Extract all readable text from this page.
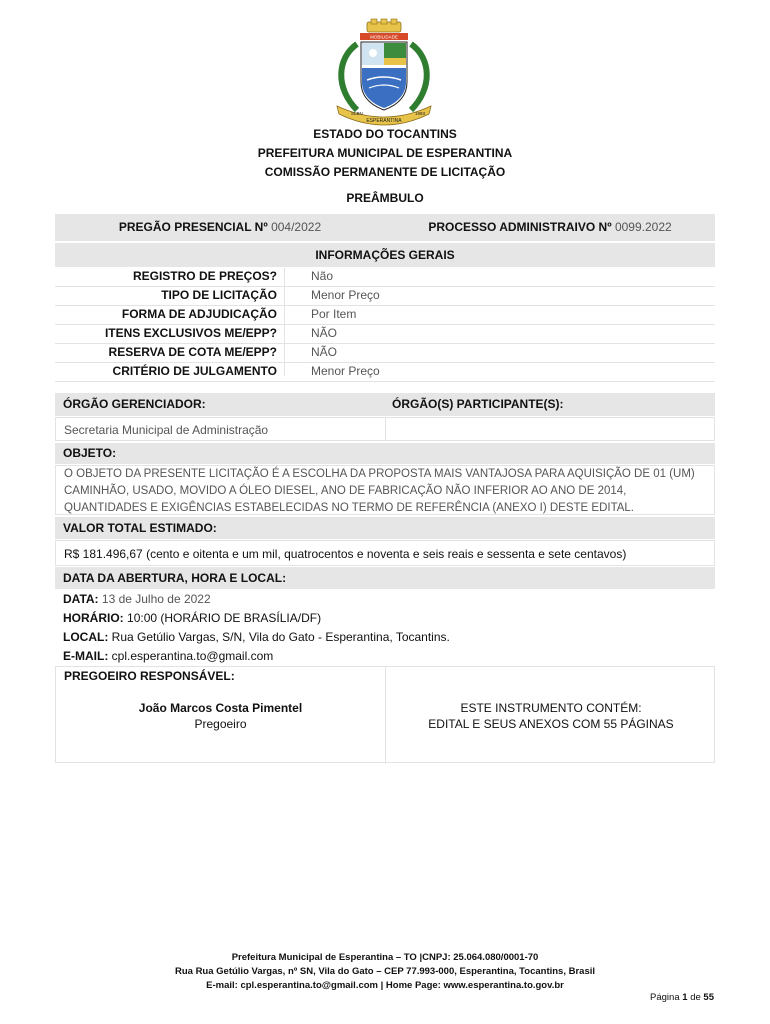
MOBILIDADE
SLBN
ESPERANTINA
1993
ESTADO DO TOCANTINS
PREFEITURA MUNICIPAL DE ESPERANTINA
COMISSÃO PERMANENTE DE LICITAÇÃO
PREÂMBULO
PREGÃO PRESENCIAL Nº 004/2022	PROCESSO ADMINISTRAIVO Nº 0099.2022
INFORMAÇÕES GERAIS
REGISTRO DE PREÇOS?	Não
TIPO DE LICITAÇÃO	Menor Preço
FORMA DE ADJUDICAÇÃO	Por Item
ITENS EXCLUSIVOS ME/EPP?	NÃO
RESERVA DE COTA ME/EPP?	NÃO
CRITÉRIO DE JULGAMENTO	Menor Preço
ÓRGÃO GERENCIADOR:	ÓRGÃO(S) PARTICIPANTE(S):
Secretaria Municipal de Administração
OBJETO:
O OBJETO DA PRESENTE LICITAÇÃO É A ESCOLHA DA PROPOSTA MAIS VANTAJOSA PARA AQUISIÇÃO DE 01 (UM) CAMINHÃO, USADO, MOVIDO A ÓLEO DIESEL, ANO DE FABRICAÇÃO NÃO INFERIOR AO ANO DE 2014, QUANTIDADES E EXIGÊNCIAS ESTABELECIDAS NO TERMO DE REFERÊNCIA (ANEXO I) DESTE EDITAL.
VALOR TOTAL ESTIMADO:
R$ 181.496,67 (cento e oitenta e um mil, quatrocentos e noventa e seis reais e sessenta e sete centavos)
DATA DA ABERTURA, HORA E LOCAL:
DATA: 13 de Julho de 2022
HORÁRIO: 10:00 (HORÁRIO DE BRASÍLIA/DF)
LOCAL: Rua Getúlio Vargas, S/N, Vila do Gato - Esperantina, Tocantins.
E-MAIL: cpl.esperantina.to@gmail.com
PREGOEIRO RESPONSÁVEL:
João Marcos Costa Pimentel
Pregoeiro
ESTE INSTRUMENTO CONTÉM:
EDITAL E SEUS ANEXOS COM 55 PÁGINAS
Prefeitura Municipal de Esperantina – TO |CNPJ: 25.064.080/0001-70
Rua Rua Getúlio Vargas, nº SN, Vila do Gato – CEP 77.993-000, Esperantina, Tocantins, Brasil
E-mail: cpl.esperantina.to@gmail.com | Home Page: www.esperantina.to.gov.br
Página 1 de 55
